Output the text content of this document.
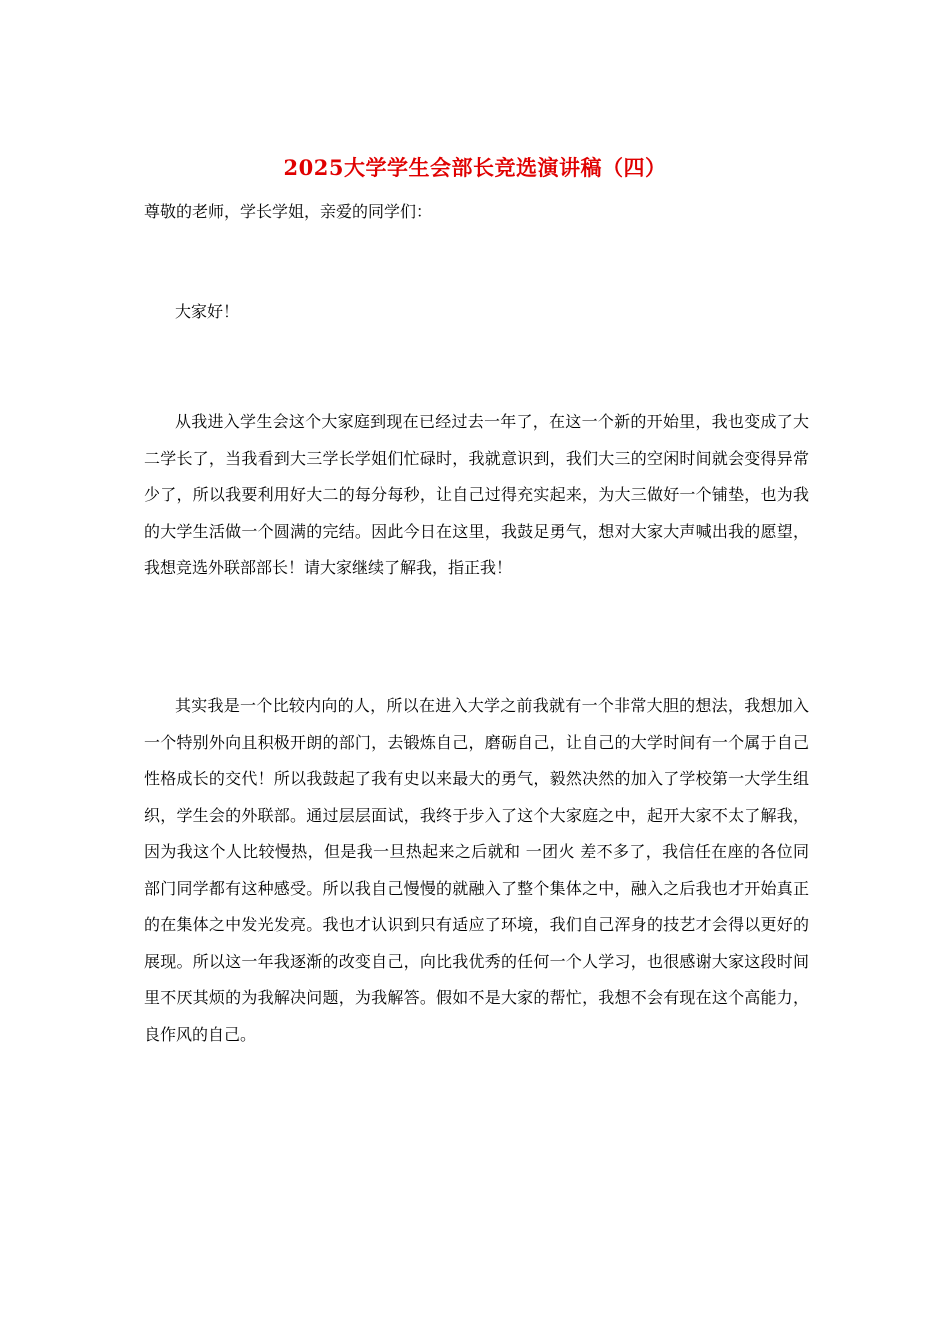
2025大学学生会部长竞选演讲稿（四）
尊敬的老师，学长学姐，亲爱的同学们：
大家好！

从我进入学生会这个大家庭到现在已经过去一年了，在这一个新的开始里，我也变成了大二学长了，当我看到大三学长学姐们忙碌时，我就意识到，我们大三的空闲时间就会变得异常少了，所以我要利用好大二的每分每秒，让自己过得充实起来，为大三做好一个铺垫，也为我的大学生活做一个圆满的完结。因此今日在这里，我鼓足勇气，想对大家大声喊出我的愿望，我想竞选外联部部长！请大家继续了解我，指正我！

其实我是一个比较内向的人，所以在进入大学之前我就有一个非常大胆的想法，我想加入一个特别外向且积极开朗的部门，去锻炼自己，磨砺自己，让自己的大学时间有一个属于自己性格成长的交代！所以我鼓起了我有史以来最大的勇气，毅然决然的加入了学校第一大学生组织，学生会的外联部。通过层层面试，我终于步入了这个大家庭之中，起开大家不太了解我，因为我这个人比较慢热，但是我一旦热起来之后就和 一团火 差不多了，我信任在座的各位同部门同学都有这种感受。所以我自己慢慢的就融入了整个集体之中，融入之后我也才开始真正的在集体之中发光发亮。我也才认识到只有适应了环境，我们自己浑身的技艺才会得以更好的展现。所以这一年我逐渐的改变自己，向比我优秀的任何一个人学习，也很感谢大家这段时间里不厌其烦的为我解决问题，为我解答。假如不是大家的帮忙，我想不会有现在这个高能力，良作风的自己。
